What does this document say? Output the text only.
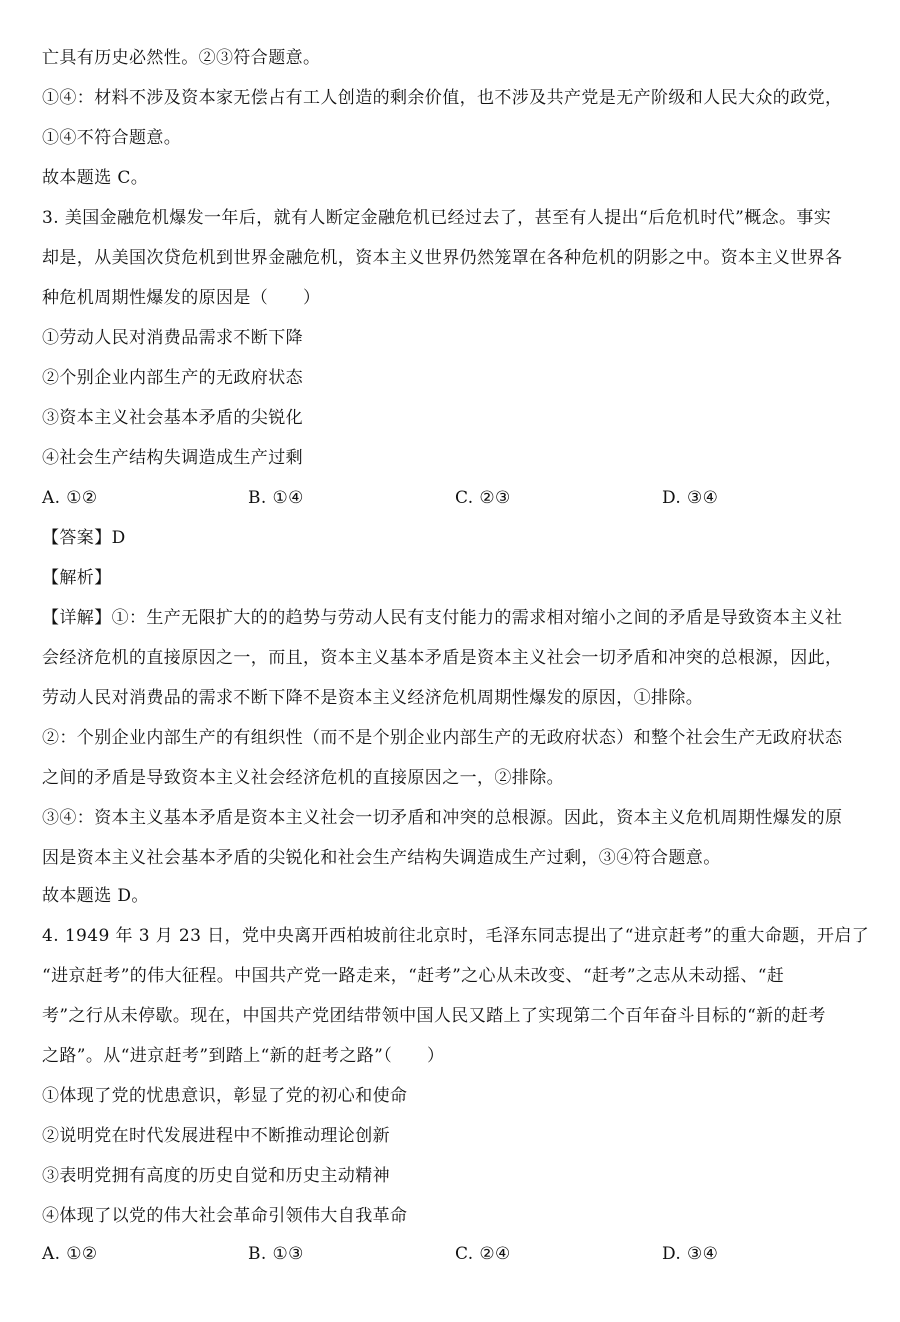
亡具有历史必然性。②③符合题意。
①④：材料不涉及资本家无偿占有工人创造的剩余价值，也不涉及共产党是无产阶级和人民大众的政党，
①④不符合题意。
故本题选 C。
3. 美国金融危机爆发一年后，就有人断定金融危机已经过去了，甚至有人提出“后危机时代”概念。事实
却是，从美国次贷危机到世界金融危机，资本主义世界仍然笼罩在各种危机的阴影之中。资本主义世界各
种危机周期性爆发的原因是（　　）
①劳动人民对消费品需求不断下降
②个别企业内部生产的无政府状态
③资本主义社会基本矛盾的尖锐化
④社会生产结构失调造成生产过剩
A. ①②	B. ①④	C. ②③	D. ③④
【答案】D
【解析】
【详解】①：生产无限扩大的的趋势与劳动人民有支付能力的需求相对缩小之间的矛盾是导致资本主义社
会经济危机的直接原因之一，而且，资本主义基本矛盾是资本主义社会一切矛盾和冲突的总根源，因此，
劳动人民对消费品的需求不断下降不是资本主义经济危机周期性爆发的原因，①排除。
②：个别企业内部生产的有组织性（而不是个别企业内部生产的无政府状态）和整个社会生产无政府状态
之间的矛盾是导致资本主义社会经济危机的直接原因之一，②排除。
③④：资本主义基本矛盾是资本主义社会一切矛盾和冲突的总根源。因此，资本主义危机周期性爆发的原
因是资本主义社会基本矛盾的尖锐化和社会生产结构失调造成生产过剩，③④符合题意。
故本题选 D。
4. 1949 年 3 月 23 日，党中央离开西柏坡前往北京时，毛泽东同志提出了“进京赶考”的重大命题，开启了
“进京赶考”的伟大征程。中国共产党一路走来，“赶考”之心从未改变、“赶考”之志从未动摇、“赶
考”之行从未停歇。现在，中国共产党团结带领中国人民又踏上了实现第二个百年奋斗目标的“新的赶考
之路”。从“进京赶考”到踏上“新的赶考之路”（　　）
①体现了党的忧患意识，彰显了党的初心和使命
②说明党在时代发展进程中不断推动理论创新
③表明党拥有高度的历史自觉和历史主动精神
④体现了以党的伟大社会革命引领伟大自我革命
A. ①②	B. ①③	C. ②④	D. ③④
